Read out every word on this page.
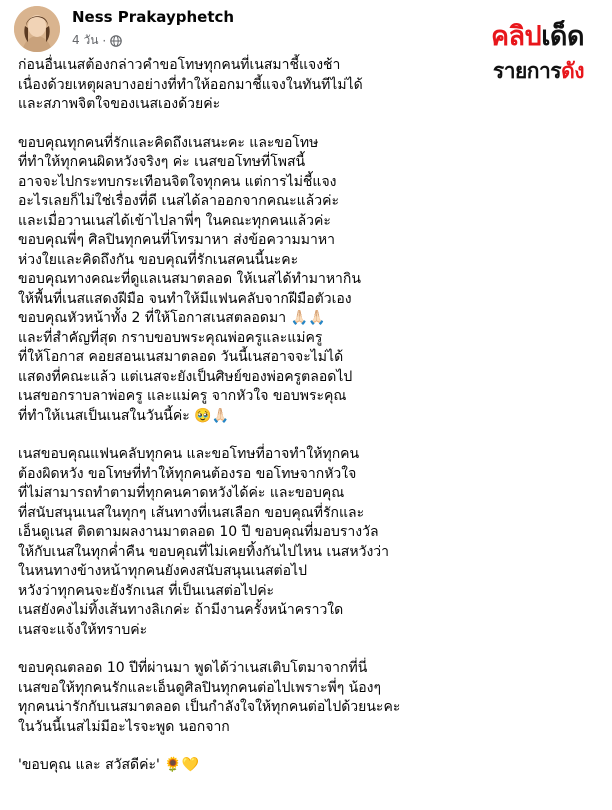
Ness Prakayphetch
4 วัน ·	คลิปเด็ด
รายการดัง
ก่อนอื่นเนสต้องกล่าวคำขอโทษทุกคนที่เนสมาชี้แจงช้า
เนื่องด้วยเหตุผลบางอย่างที่ทำให้ออกมาชี้แจงในทันทีไม่ได้
และสภาพจิตใจของเนสเองด้วยค่ะ
ขอบคุณทุกคนที่รักและคิดถึงเนสนะคะ และขอโทษ
ที่ทำให้ทุกคนผิดหวังจริงๆ ค่ะ เนสขอโทษที่โพสนี้
อาจจะไปกระทบกระเทือนจิตใจทุกคน แต่การไม่ชี้แจง
อะไรเลยก็ไม่ใช่เรื่องที่ดี เนสได้ลาออกจากคณะแล้วค่ะ
และเมื่อวานเนสได้เข้าไปลาพี่ๆ ในคณะทุกคนแล้วค่ะ
ขอบคุณพี่ๆ ศิลปินทุกคนที่โทรมาหา ส่งข้อความมาหา
ห่วงใยและคิดถึงกัน ขอบคุณที่รักเนสคนนี้นะคะ
ขอบคุณทางคณะที่ดูแลเนสมาตลอด ให้เนสได้ทำมาหากิน
ให้พื้นที่เนสแสดงฝีมือ จนทำให้มีแฟนคลับจากฝีมือตัวเอง
ขอบคุณหัวหน้าทั้ง 2 ที่ให้โอกาสเนสตลอดมา 🙏🏻🙏🏻
และที่สำคัญที่สุด กราบขอบพระคุณพ่อครูและแม่ครู
ที่ให้โอกาส คอยสอนเนสมาตลอด วันนี้เนสอาจจะไม่ได้
แสดงที่คณะแล้ว แต่เนสจะยังเป็นศิษย์ของพ่อครูตลอดไป
เนสขอกราบลาพ่อครู และแม่ครู จากหัวใจ ขอบพระคุณ
ที่ทำให้เนสเป็นเนสในวันนี้ค่ะ 🥹🙏🏻
เนสขอบคุณแฟนคลับทุกคน และขอโทษที่อาจทำให้ทุกคน
ต้องผิดหวัง ขอโทษที่ทำให้ทุกคนต้องรอ ขอโทษจากหัวใจ
ที่ไม่สามารถทำตามที่ทุกคนคาดหวังได้ค่ะ และขอบคุณ
ที่สนับสนุนเนสในทุกๆ เส้นทางที่เนสเลือก ขอบคุณที่รักและ
เอ็นดูเนส ติดตามผลงานมาตลอด 10 ปี ขอบคุณที่มอบรางวัล
ให้กับเนสในทุกค่ำคืน ขอบคุณที่ไม่เคยทิ้งกันไปไหน เนสหวังว่า
ในหนทางข้างหน้าทุกคนยังคงสนับสนุนเนสต่อไป
หวังว่าทุกคนจะยังรักเนส ที่เป็นเนสต่อไปค่ะ
เนสยังคงไม่ทิ้งเส้นทางลิเกค่ะ ถ้ามีงานครั้งหน้าคราวใด
เนสจะแจ้งให้ทราบค่ะ
ขอบคุณตลอด 10 ปีที่ผ่านมา พูดได้ว่าเนสเติบโตมาจากที่นี่
เนสขอให้ทุกคนรักและเอ็นดูศิลปินทุกคนต่อไปเพราะพี่ๆ น้องๆ
ทุกคนน่ารักกับเนสมาตลอด เป็นกำลังใจให้ทุกคนต่อไปด้วยนะคะ
ในวันนี้เนสไม่มีอะไรจะพูด นอกจาก
'ขอบคุณ และ สวัสดีค่ะ' 🌻💛
